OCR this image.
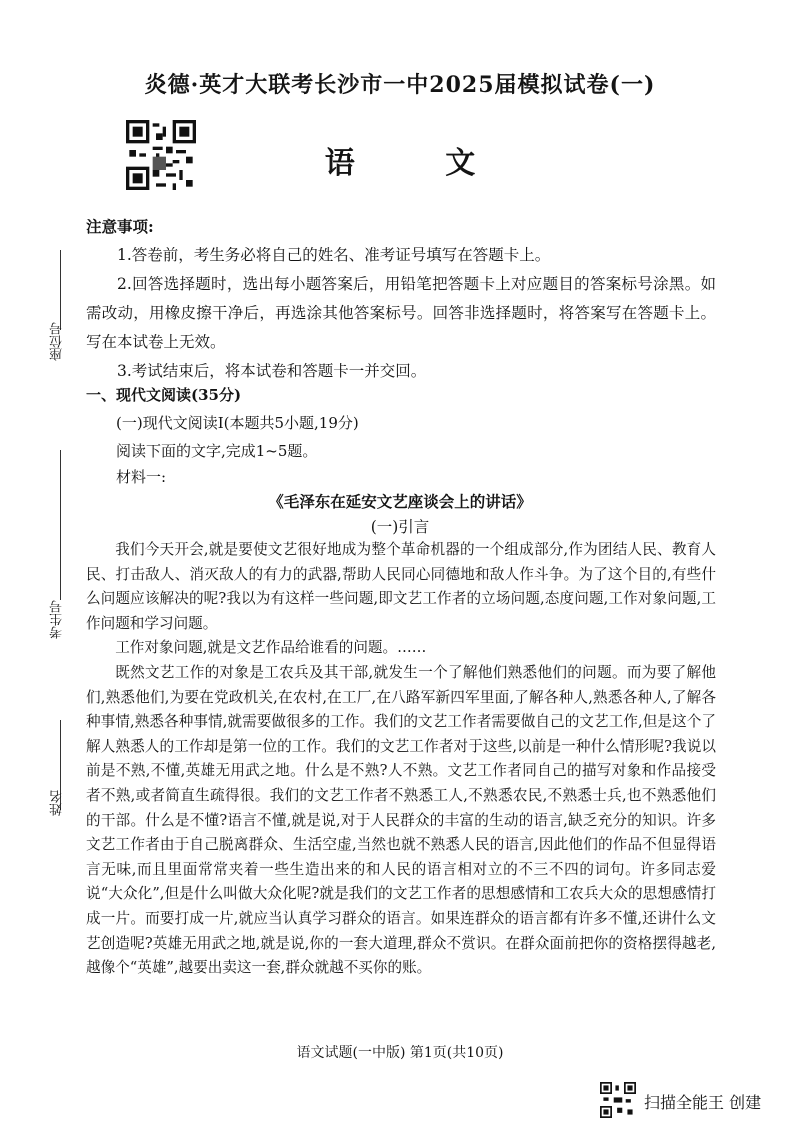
炎德·英才大联考长沙市一中2025届模拟试卷(一)
语 文
注意事项:

1.答卷前，考生务必将自己的姓名、准考证号填写在答题卡上。

2.回答选择题时，选出每小题答案后，用铅笔把答题卡上对应题目的答案标号涂黑。如需改动，用橡皮擦干净后，再选涂其他答案标号。回答非选择题时，将答案写在答题卡上。写在本试卷上无效。

3.考试结束后，将本试卷和答题卡一并交回。

一、现代文阅读(35分)
(一)现代文阅读Ⅰ(本题共5小题,19分)
阅读下面的文字,完成1~5题。
材料一:
《毛泽东在延安文艺座谈会上的讲话》
(一)引言

我们今天开会,就是要使文艺很好地成为整个革命机器的一个组成部分,作为团结人民、教育人民、打击敌人、消灭敌人的有力的武器,帮助人民同心同德地和敌人作斗争。为了这个目的,有些什么问题应该解决的呢?我以为有这样一些问题,即文艺工作者的立场问题,态度问题,工作对象问题,工作问题和学习问题。

工作对象问题,就是文艺作品给谁看的问题。……

既然文艺工作的对象是工农兵及其干部,就发生一个了解他们熟悉他们的问题。而为要了解他们,熟悉他们,为要在党政机关,在农村,在工厂,在八路军新四军里面,了解各种人,熟悉各种人,了解各种事情,熟悉各种事情,就需要做很多的工作。我们的文艺工作者需要做自己的文艺工作,但是这个了解人熟悉人的工作却是第一位的工作。我们的文艺工作者对于这些,以前是一种什么情形呢?我说以前是不熟,不懂,英雄无用武之地。什么是不熟?人不熟。文艺工作者同自己的描写对象和作品接受者不熟,或者简直生疏得很。我们的文艺工作者不熟悉工人,不熟悉农民,不熟悉士兵,也不熟悉他们的干部。什么是不懂?语言不懂,就是说,对于人民群众的丰富的生动的语言,缺乏充分的知识。许多文艺工作者由于自己脱离群众、生活空虚,当然也就不熟悉人民的语言,因此他们的作品不但显得语言无味,而且里面常常夹着一些生造出来的和人民的语言相对立的不三不四的词句。许多同志爱说“大众化”,但是什么叫做大众化呢?就是我们的文艺工作者的思想感情和工农兵大众的思想感情打成一片。而要打成一片,就应当认真学习群众的语言。如果连群众的语言都有许多不懂,还讲什么文艺创造呢?英雄无用武之地,就是说,你的一套大道理,群众不赏识。在群众面前把你的资格摆得越老,越像个“英雄”,越要出卖这一套,群众就越不买你的账。

语文试题(一中版) 第1页(共10页)
座位号
考生号
姓名
扫描全能王 创建
